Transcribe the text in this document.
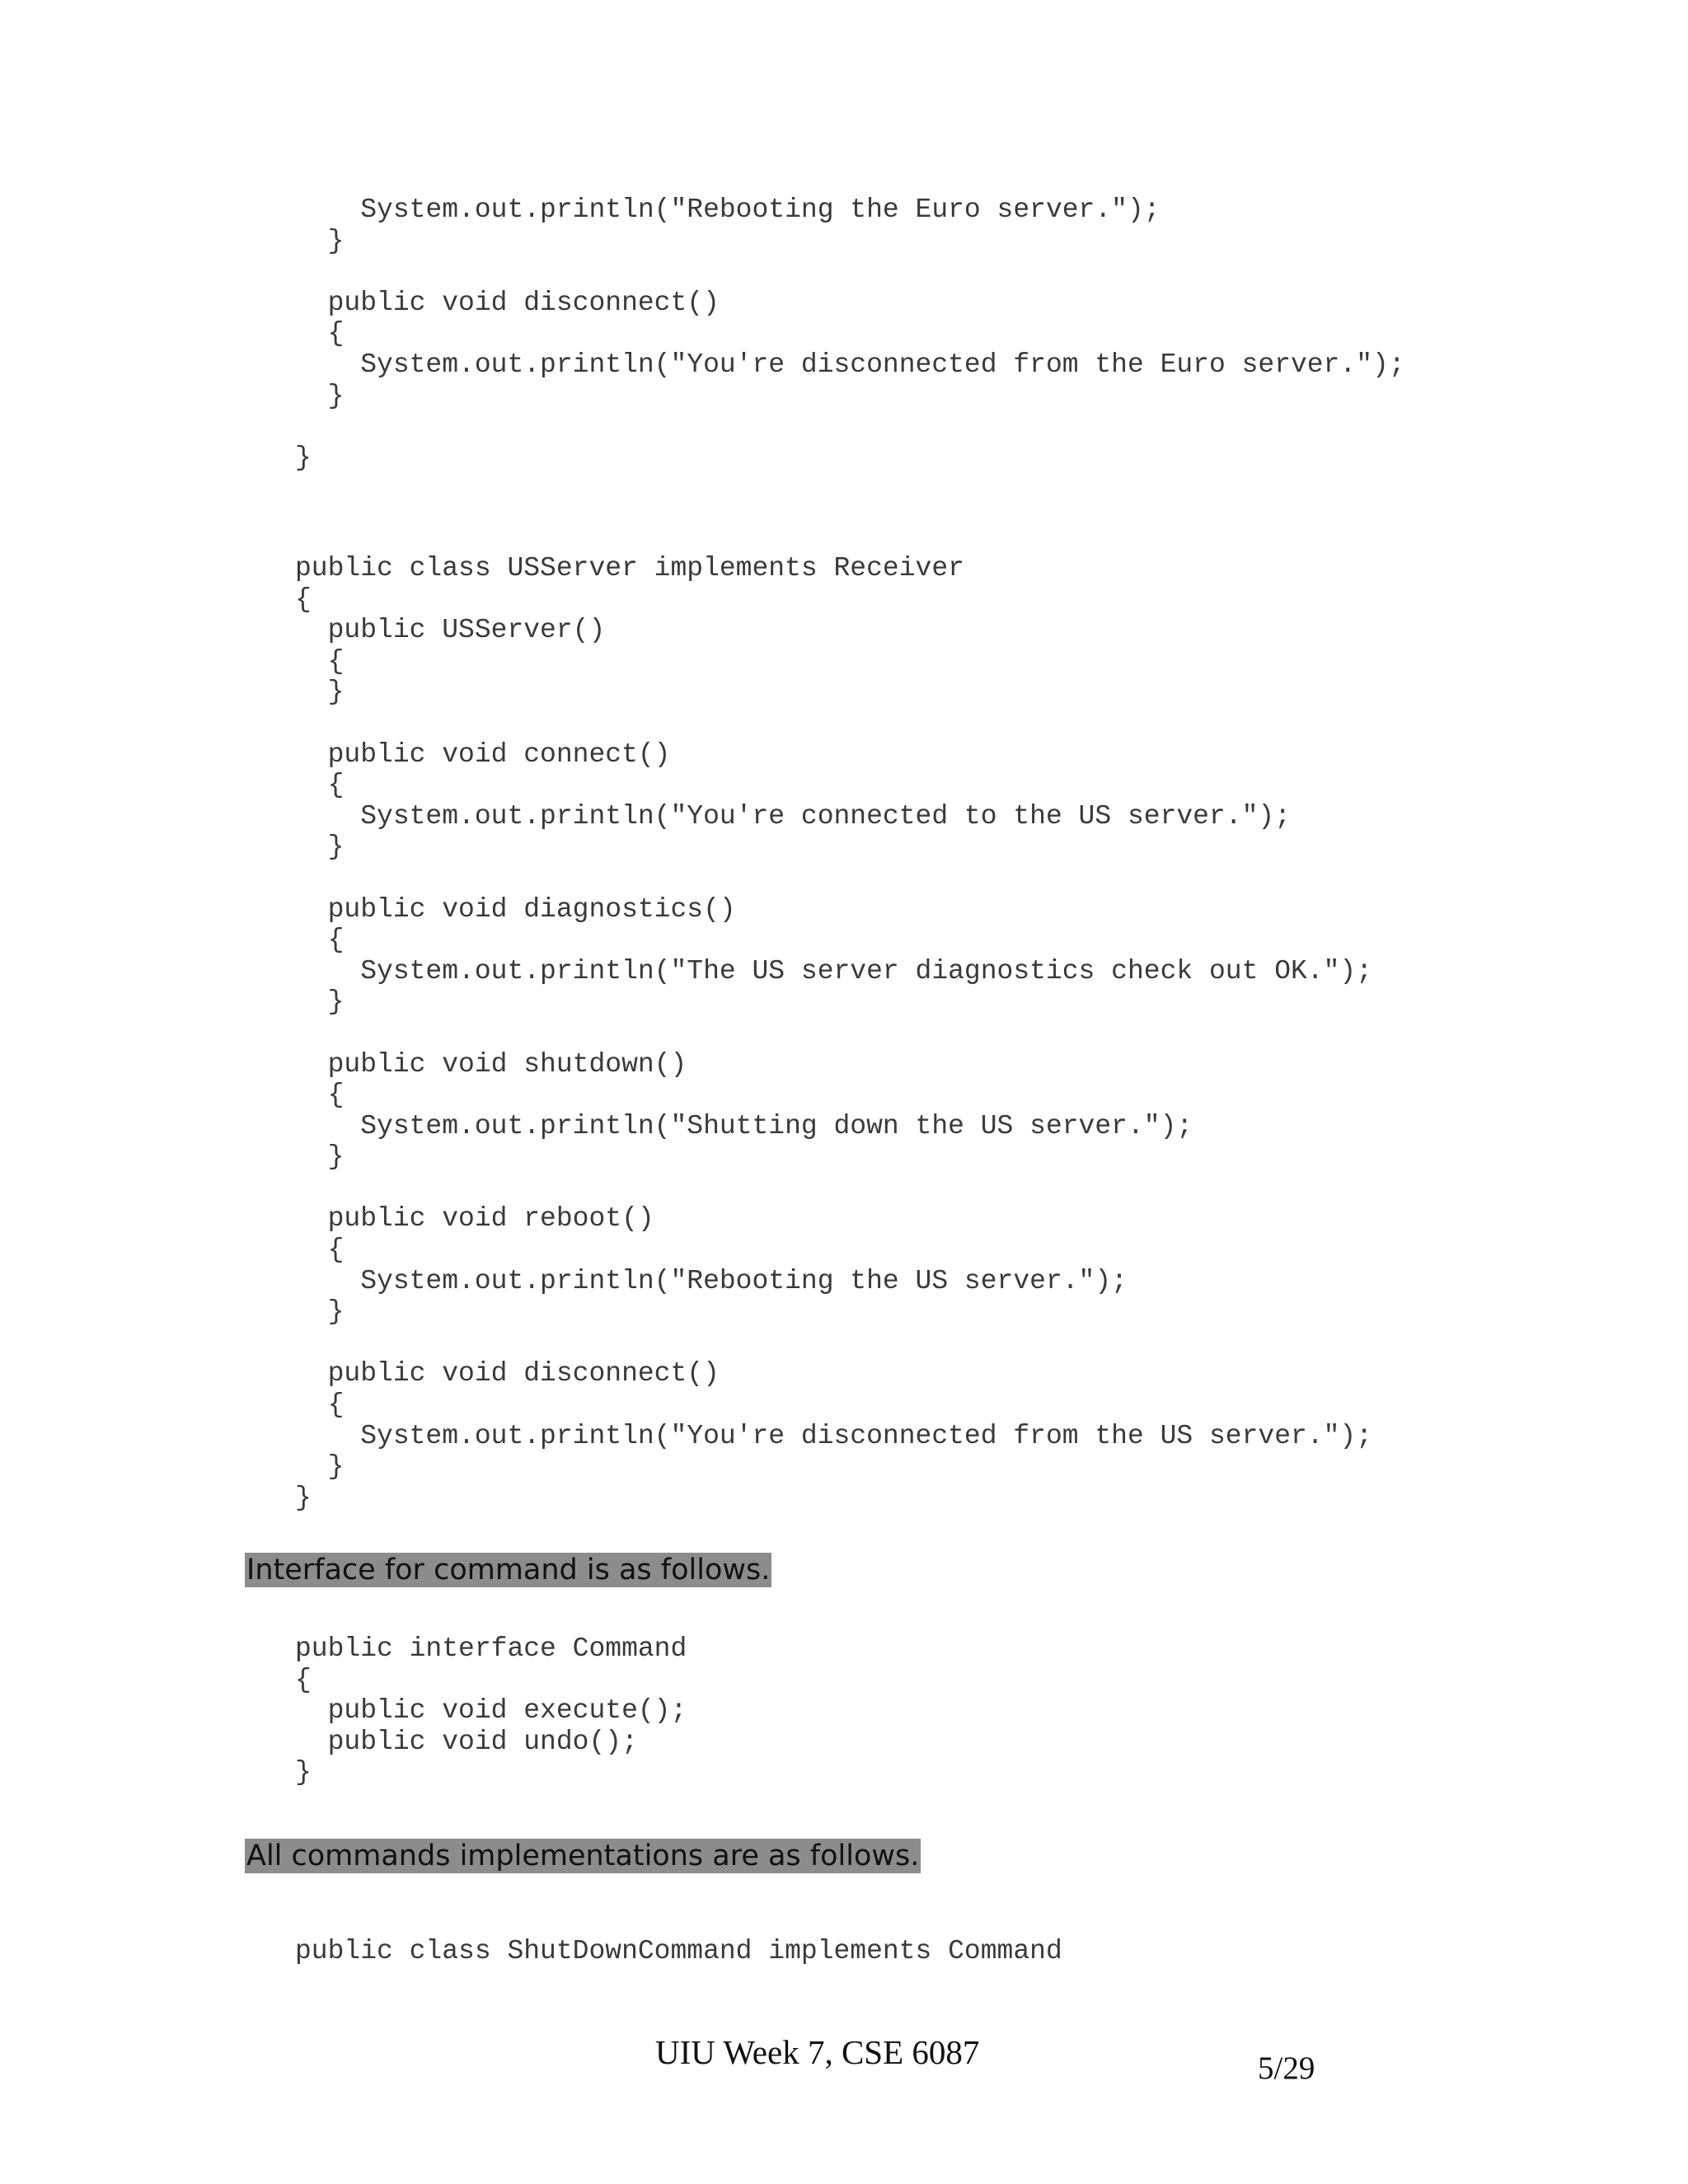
System.out.println("Rebooting the Euro server.");
}
public void disconnect()
{
System.out.println("You're disconnected from the Euro server.");
}
}
public class USServer implements Receiver
{
public USServer()
{
}
public void connect()
{
System.out.println("You're connected to the US server.");
}
public void diagnostics()
{
System.out.println("The US server diagnostics check out OK.");
}
public void shutdown()
{
System.out.println("Shutting down the US server.");
}
public void reboot()
{
System.out.println("Rebooting the US server.");
}
public void disconnect()
{
System.out.println("You're disconnected from the US server.");
}
}
Interface for command is as follows.
public interface Command
{
public void execute();
public void undo();
}
All commands implementations are as follows.
public class ShutDownCommand implements Command
UIU Week 7, CSE 6087	5/29
